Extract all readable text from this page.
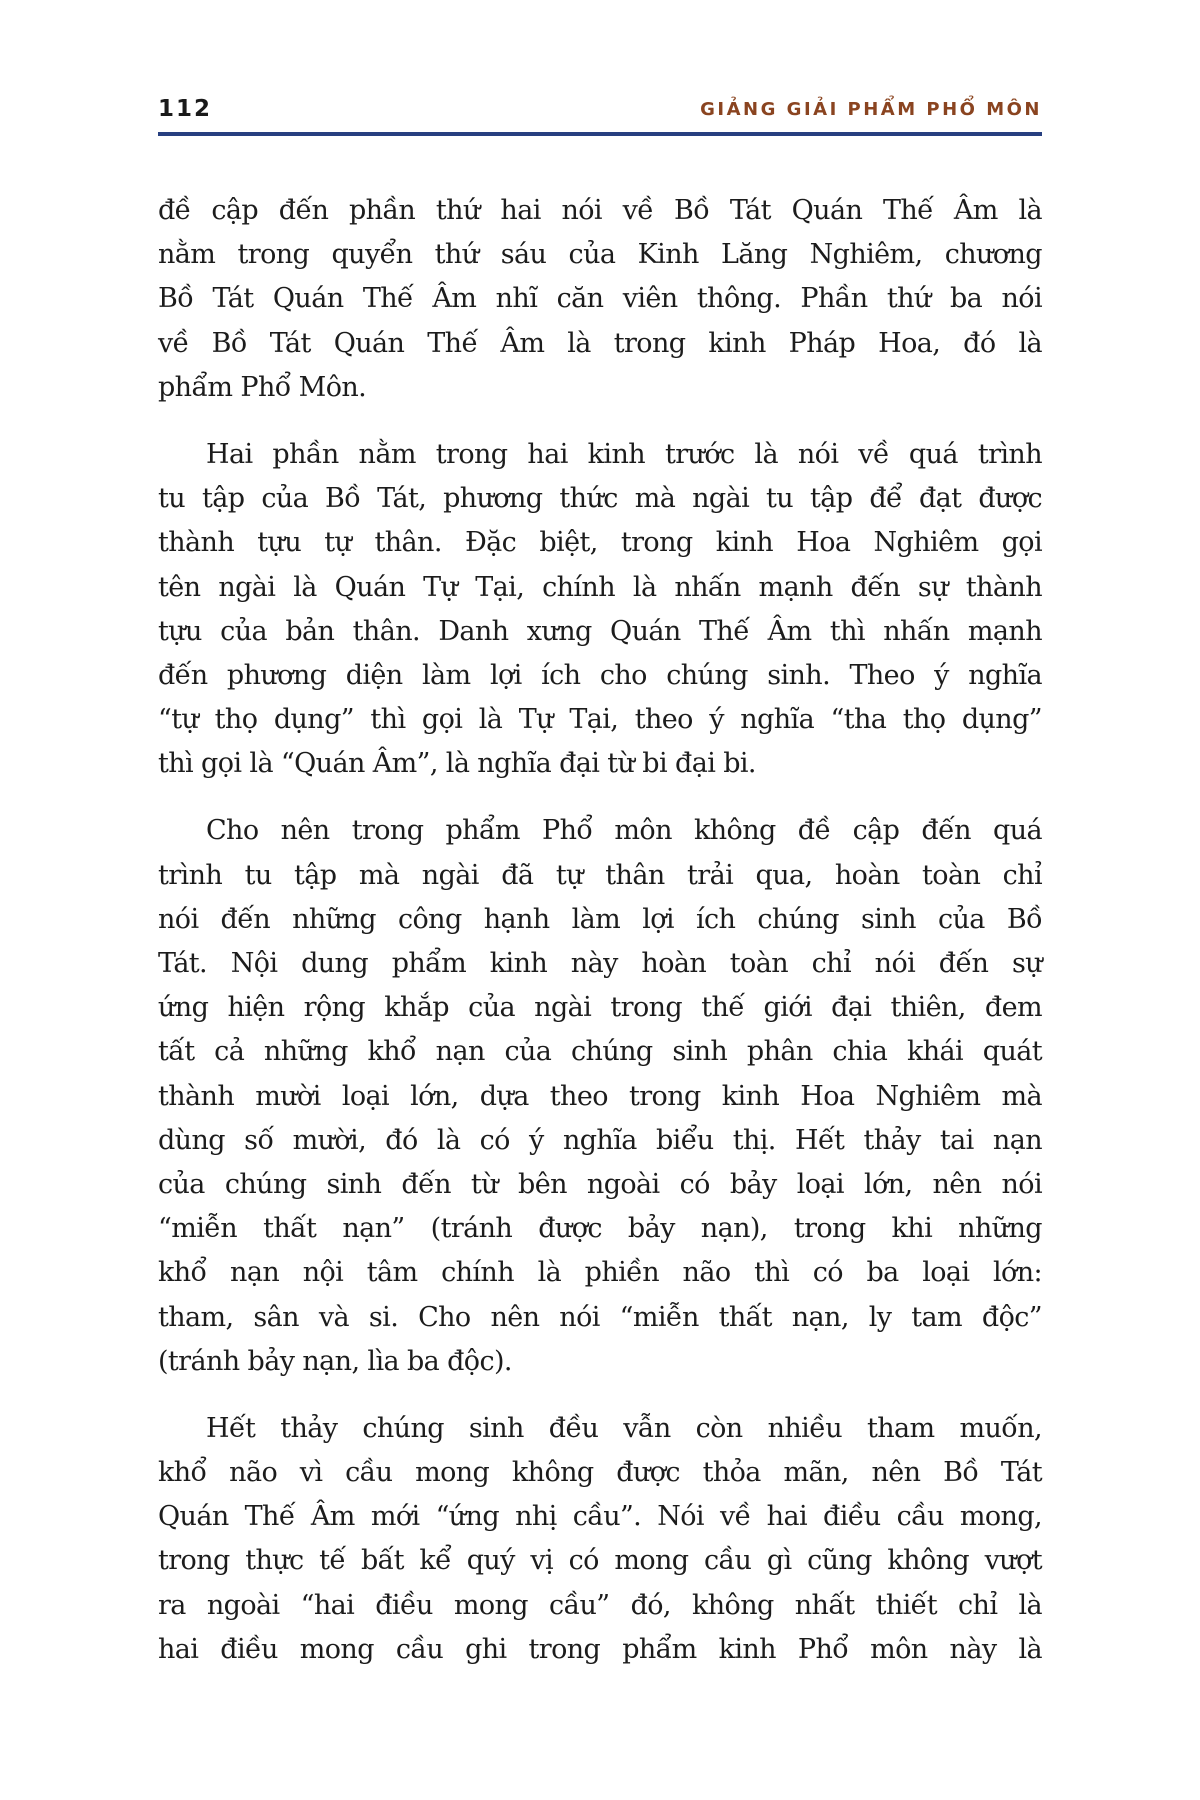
112	GIẢNG GIẢI PHẨM PHỔ MÔN
đề cập đến phần thứ hai nói về Bồ Tát Quán Thế Âm là
nằm trong quyển thứ sáu của Kinh Lăng Nghiêm, chương
Bồ Tát Quán Thế Âm nhĩ căn viên thông. Phần thứ ba nói
về Bồ Tát Quán Thế Âm là trong kinh Pháp Hoa, đó là
phẩm Phổ Môn.
Hai phần nằm trong hai kinh trước là nói về quá trình
tu tập của Bồ Tát, phương thức mà ngài tu tập để đạt được
thành tựu tự thân. Đặc biệt, trong kinh Hoa Nghiêm gọi
tên ngài là Quán Tự Tại, chính là nhấn mạnh đến sự thành
tựu của bản thân. Danh xưng Quán Thế Âm thì nhấn mạnh
đến phương diện làm lợi ích cho chúng sinh. Theo ý nghĩa
“tự thọ dụng” thì gọi là Tự Tại, theo ý nghĩa “tha thọ dụng”
thì gọi là “Quán Âm”, là nghĩa đại từ bi đại bi.
Cho nên trong phẩm Phổ môn không đề cập đến quá
trình tu tập mà ngài đã tự thân trải qua, hoàn toàn chỉ
nói đến những công hạnh làm lợi ích chúng sinh của Bồ
Tát. Nội dung phẩm kinh này hoàn toàn chỉ nói đến sự
ứng hiện rộng khắp của ngài trong thế giới đại thiên, đem
tất cả những khổ nạn của chúng sinh phân chia khái quát
thành mười loại lớn, dựa theo trong kinh Hoa Nghiêm mà
dùng số mười, đó là có ý nghĩa biểu thị. Hết thảy tai nạn
của chúng sinh đến từ bên ngoài có bảy loại lớn, nên nói
“miễn thất nạn” (tránh được bảy nạn), trong khi những
khổ nạn nội tâm chính là phiền não thì có ba loại lớn:
tham, sân và si. Cho nên nói “miễn thất nạn, ly tam độc”
(tránh bảy nạn, lìa ba độc).
Hết thảy chúng sinh đều vẫn còn nhiều tham muốn,
khổ não vì cầu mong không được thỏa mãn, nên Bồ Tát
Quán Thế Âm mới “ứng nhị cầu”. Nói về hai điều cầu mong,
trong thực tế bất kể quý vị có mong cầu gì cũng không vượt
ra ngoài “hai điều mong cầu” đó, không nhất thiết chỉ là
hai điều mong cầu ghi trong phẩm kinh Phổ môn này là
